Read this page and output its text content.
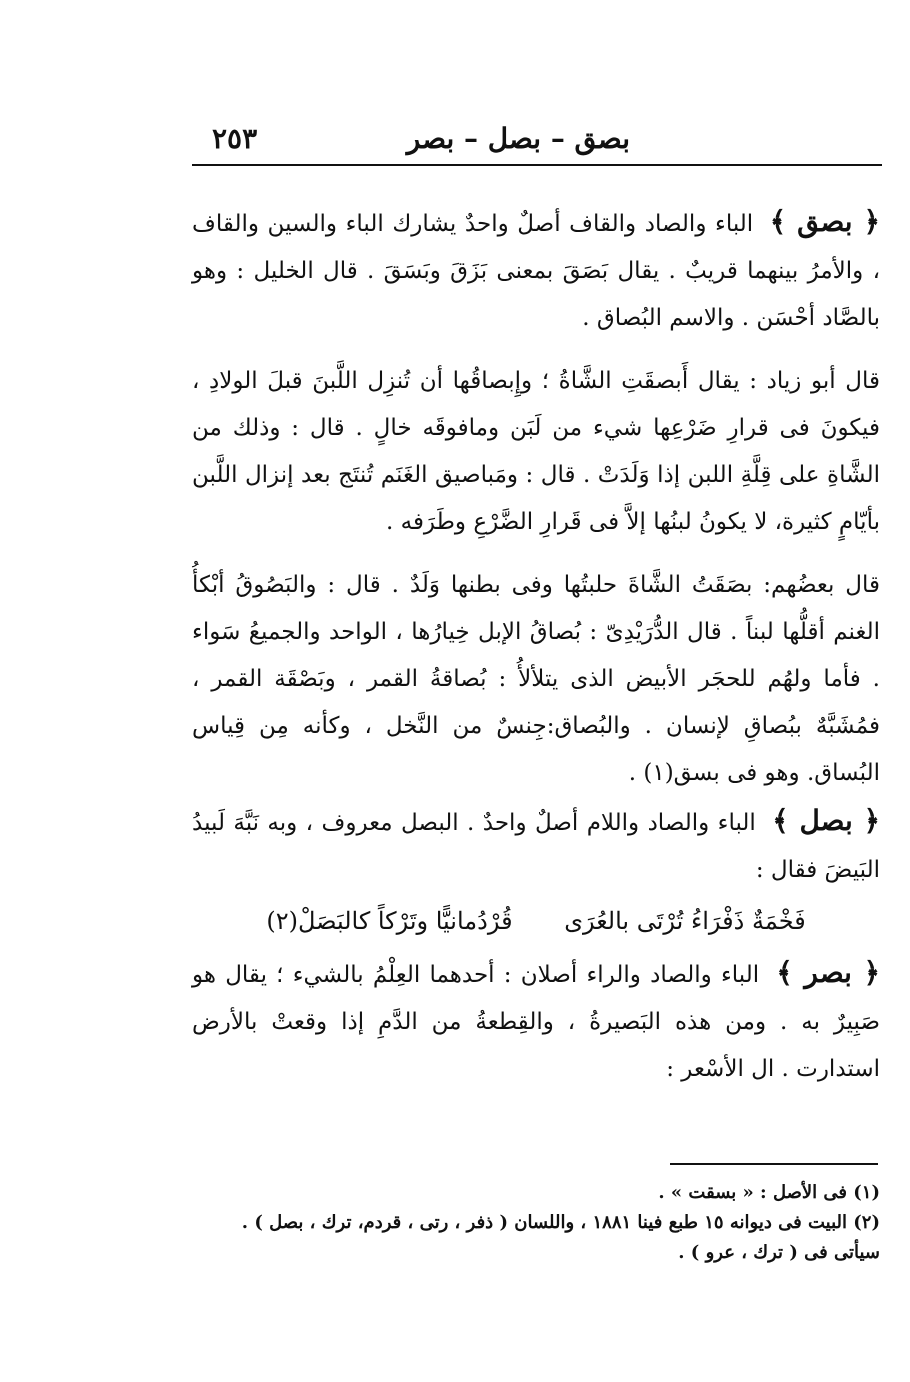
بصق – بصل – بصر
٢٥٣

﴿ بصق ﴾ الباء والصاد والقاف أصلٌ واحدٌ يشارك الباء والسين والقاف ، والأمرُ بينهما قريبٌ . يقال بَصَقَ بمعنى بَزَقَ وبَسَقَ . قال الخليل : وهو بالصَّاد أحْسَن . والاسم البُصاق .

قال أبو زياد : يقال أَبصقَتِ الشَّاةُ ؛ وإِبصاقُها أن تُنزِل اللَّبنَ قبلَ الولادِ ، فيكونَ فى قرارِ ضَرْعِها شيء من لَبَن ومافوقَه خالٍ . قال : وذلك من الشَّاةِ على قِلَّةِ اللبن إذا وَلَدَتْ . قال : ومَباصيق الغَنَم تُنتَج بعد إنزال اللَّبن بأيّامٍ كثيرة، لا يكونُ لبنُها إلاَّ فى قَرارِ الضَّرْعِ وطَرَفه .

قال بعضُهم: بصَقَتُ الشَّاةَ حلبتُها وفى بطنها وَلَدٌ . قال : والبَصُوقُ أبْكأُ الغنم أقلُّها لبناً . قال الدُّرَيْدِىّ : بُصاقُ الإبل خِيارُها ، الواحد والجميعُ سَواء . فأما ولهُم للحجَر الأبيض الذى يتلألأُ : بُصاقةُ القمر ، وبَصْقَة القمر ، فمُشَبَّهٌ ببُصاقِ لإنسان . والبُصاق:جِنسٌ من النَّخل ، وكأنه مِن قِياس البُساق. وهو فى بسق(١) .

﴿ بصل ﴾ الباء والصاد واللام أصلٌ واحدٌ . البصل معروف ، وبه نَبَّهَ لَبيدُ البَيضَ فقال :

فَخْمَةٌ ذَفْرَاءُ تُرْتَى بالعُرَى قُرْدُمانيًّا وتَرْكاً كالبَصَلْ(٢)

﴿ بصر ﴾ الباء والصاد والراء أصلان : أحدهما العِلْمُ بالشيء ؛ يقال هو صَبِيرٌ به . ومن هذه البَصيرةُ ، والقِطعةُ من الدَّمِ إذا وقعتْ بالأرض استدارت . ال الأسْعر :

(١) فى الأصل : « بسقت » .

(٢) البيت فى ديوانه ١٥ طبع فينا ١٨٨١ ، واللسان ( ذفر ، رتى ، قردم، ترك ، بصل ) . سيأتى فى ( ترك ، عرو ) .
